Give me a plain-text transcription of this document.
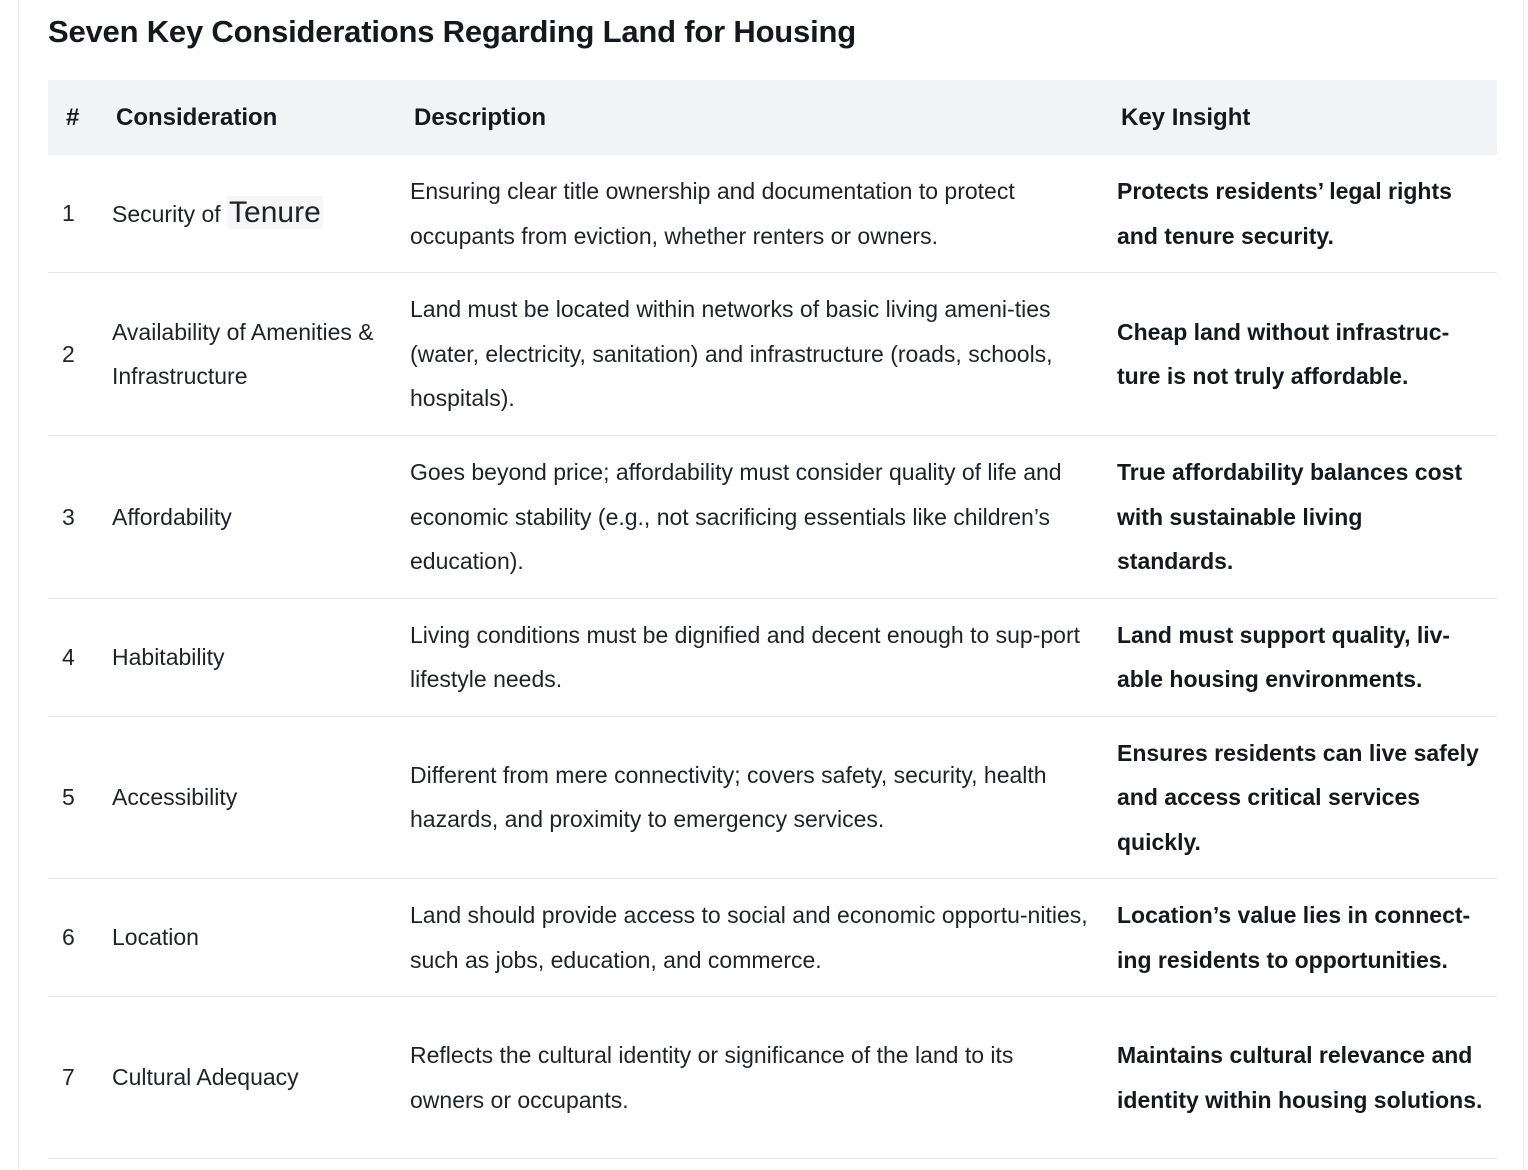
Seven Key Considerations Regarding Land for Housing
#	Consideration	Description	Key Insight
1	Security of Tenure	Ensuring clear title ownership and documentation to protect occupants from eviction, whether renters or owners.	Protects residents’ legal rights and tenure security.
2	Availability of Amenities & Infrastructure	Land must be located within networks of basic living ameni-ties (water, electricity, sanitation) and infrastructure (roads, schools, hospitals).	Cheap land without infrastruc-ture is not truly affordable.
3	Affordability	Goes beyond price; affordability must consider quality of life and economic stability (e.g., not sacrificing essentials like children’s education).	True affordability balances cost with sustainable living standards.
4	Habitability	Living conditions must be dignified and decent enough to sup-port lifestyle needs.	Land must support quality, liv-able housing environments.
5	Accessibility	Different from mere connectivity; covers safety, security, health hazards, and proximity to emergency services.	Ensures residents can live safely and access critical services quickly.
6	Location	Land should provide access to social and economic opportu-nities, such as jobs, education, and commerce.	Location’s value lies in connect-ing residents to opportunities.
7	Cultural Adequacy	Reflects the cultural identity or significance of the land to its owners or occupants.	Maintains cultural relevance and identity within housing solutions.
